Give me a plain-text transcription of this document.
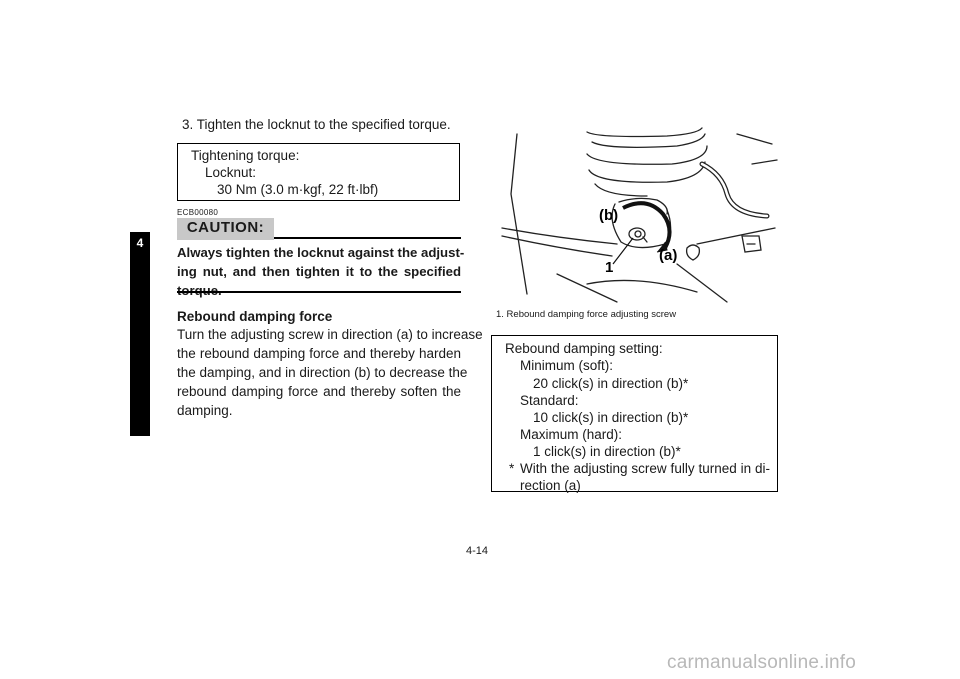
4
3. Tighten the locknut to the specified torque.
Tightening torque:
Locknut:
30 Nm (3.0 m·kgf, 22 ft·lbf)
ECB00080
CAUTION:
Always tighten the locknut against the adjust-
ing nut, and then tighten it to the specified
Rebound damping force
Turn the adjusting screw in direction (a) to increase
the rebound damping force and thereby harden
the damping, and in direction (b) to decrease the
rebound damping force and thereby soften the
damping.
(b)
(a)
1
1. Rebound damping force adjusting screw
Rebound damping setting:
Minimum (soft):
20 click(s) in direction (b)*
Standard:
10 click(s) in direction (b)*
Maximum (hard):
1 click(s) in direction (b)*
* With the adjusting screw fully turned in di-
rection (a)
4-14
carmanualsonline.info
